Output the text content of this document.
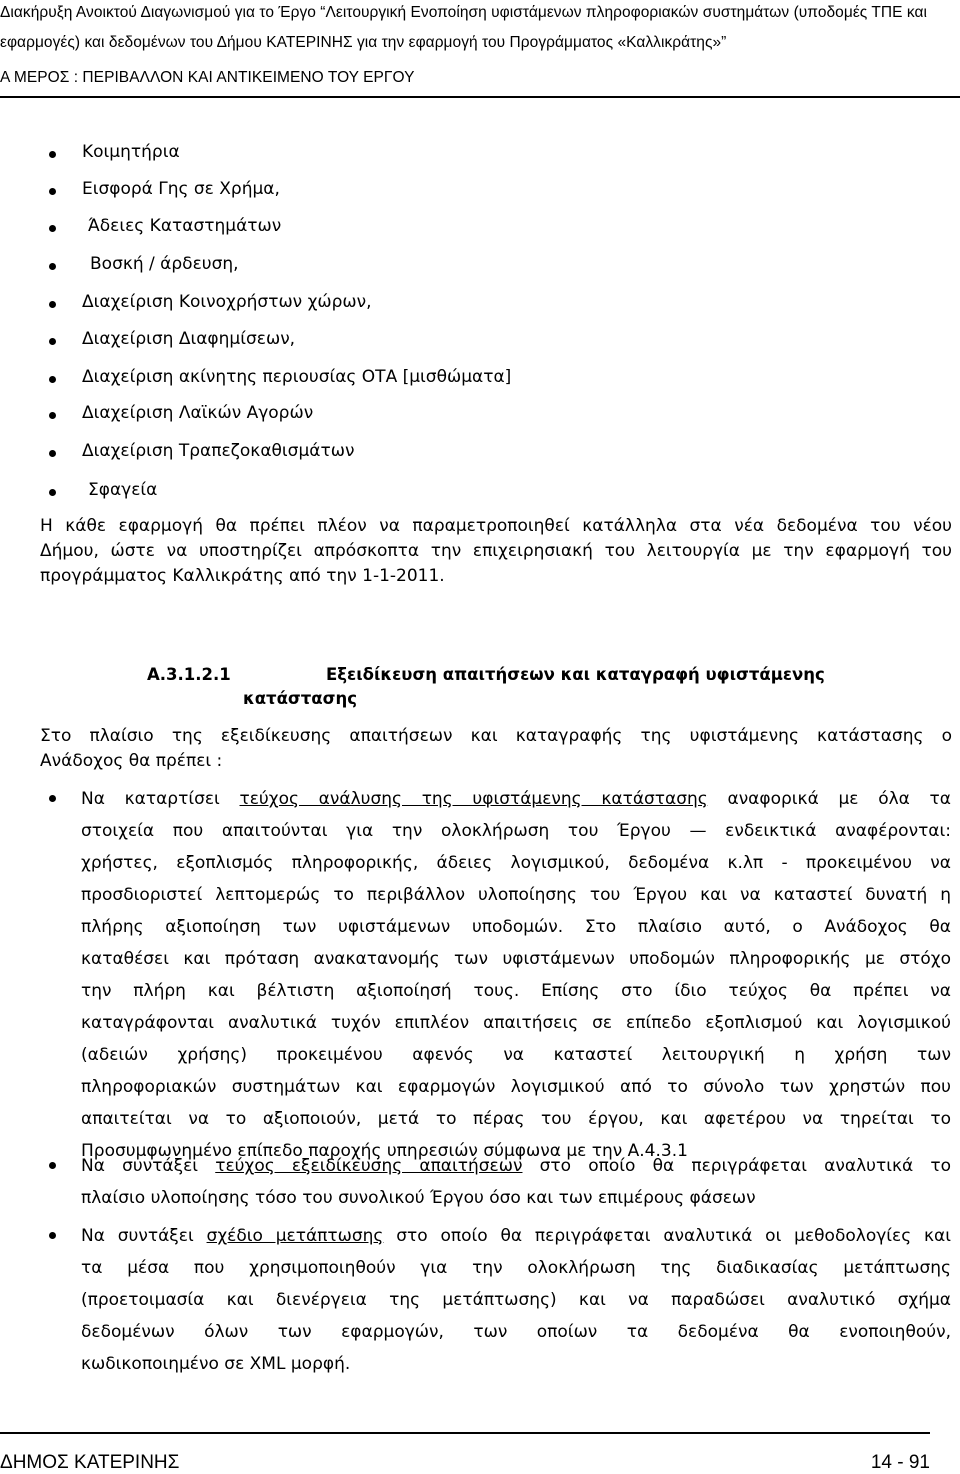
Διακήρυξη Ανοικτού Διαγωνισμού για το Έργο “Λειτουργική Ενοποίηση υφιστάμενων πληροφοριακών συστημάτων (υποδομές ΤΠΕ και
εφαρμογές) και δεδομένων του Δήμου ΚΑΤΕΡΙΝΗΣ για την εφαρμογή του Προγράμματος «Καλλικράτης»”
Α ΜΕΡΟΣ : ΠΕΡΙΒΑΛΛΟΝ ΚΑΙ ΑΝΤΙΚΕΙΜΕΝΟ ΤΟΥ ΕΡΓΟΥ
Κοιμητήρια
Εισφορά Γης σε Χρήμα,
Άδειες Καταστημάτων
Βοσκή / άρδευση,
Διαχείριση Κοινοχρήστων χώρων,
Διαχείριση Διαφημίσεων,
Διαχείριση ακίνητης περιουσίας ΟΤΑ [μισθώματα]
Διαχείριση Λαϊκών Αγορών
Διαχείριση Τραπεζοκαθισμάτων
Σφαγεία
Η κάθε εφαρμογή θα πρέπει πλέον να παραμετροποιηθεί κατάλληλα στα νέα δεδομένα του νέου
Δήμου, ώστε να υποστηρίζει απρόσκοπτα την επιχειρησιακή του λειτουργία με την εφαρμογή του
προγράμματος Καλλικράτης από την 1-1-2011.
Α.3.1.2.1	Εξειδίκευση απαιτήσεων και καταγραφή υφιστάμενης
κατάστασης
Στο πλαίσιο της εξειδίκευσης απαιτήσεων και καταγραφής της υφιστάμενης κατάστασης ο
Ανάδοχος θα πρέπει :
Να καταρτίσει τεύχος ανάλυσης της υφιστάμενης κατάστασης αναφορικά με όλα τα
στοιχεία που απαιτούνται για την ολοκλήρωση του Έργου — ενδεικτικά αναφέρονται:
χρήστες, εξοπλισμός πληροφορικής, άδειες λογισμικού, δεδομένα κ.λπ - προκειμένου να
προσδιοριστεί λεπτομερώς το περιβάλλον υλοποίησης του Έργου και να καταστεί δυνατή η
πλήρης αξιοποίηση των υφιστάμενων υποδομών. Στο πλαίσιο αυτό, ο Ανάδοχος θα
καταθέσει και πρόταση ανακατανομής των υφιστάμενων υποδομών πληροφορικής με στόχο
την πλήρη και βέλτιστη αξιοποίησή τους. Επίσης στο ίδιο τεύχος θα πρέπει να
καταγράφονται αναλυτικά τυχόν επιπλέον απαιτήσεις σε επίπεδο εξοπλισμού και λογισμικού
(αδειών χρήσης) προκειμένου αφενός να καταστεί λειτουργική η χρήση των
πληροφοριακών συστημάτων και εφαρμογών λογισμικού από το σύνολο των χρηστών που
απαιτείται να το αξιοποιούν, μετά το πέρας του έργου, και αφετέρου να τηρείται το
Προσυμφωνημένο επίπεδο παροχής υπηρεσιών σύμφωνα με την Α.4.3.1
Να συντάξει τεύχος εξειδίκευσης απαιτήσεων στο οποίο θα περιγράφεται αναλυτικά το
πλαίσιο υλοποίησης τόσο του συνολικού Έργου όσο και των επιμέρους φάσεων
Να συντάξει σχέδιο μετάπτωσης στο οποίο θα περιγράφεται αναλυτικά οι μεθοδολογίες και
τα μέσα που χρησιμοποιηθούν για την ολοκλήρωση της διαδικασίας μετάπτωσης
(προετοιμασία και διενέργεια της μετάπτωσης) και να παραδώσει αναλυτικό σχήμα
δεδομένων όλων των εφαρμογών, των οποίων τα δεδομένα θα ενοποιηθούν,
κωδικοποιημένο σε XML μορφή.
ΔΗΜΟΣ ΚΑΤΕΡΙΝΗΣ	14 - 91
